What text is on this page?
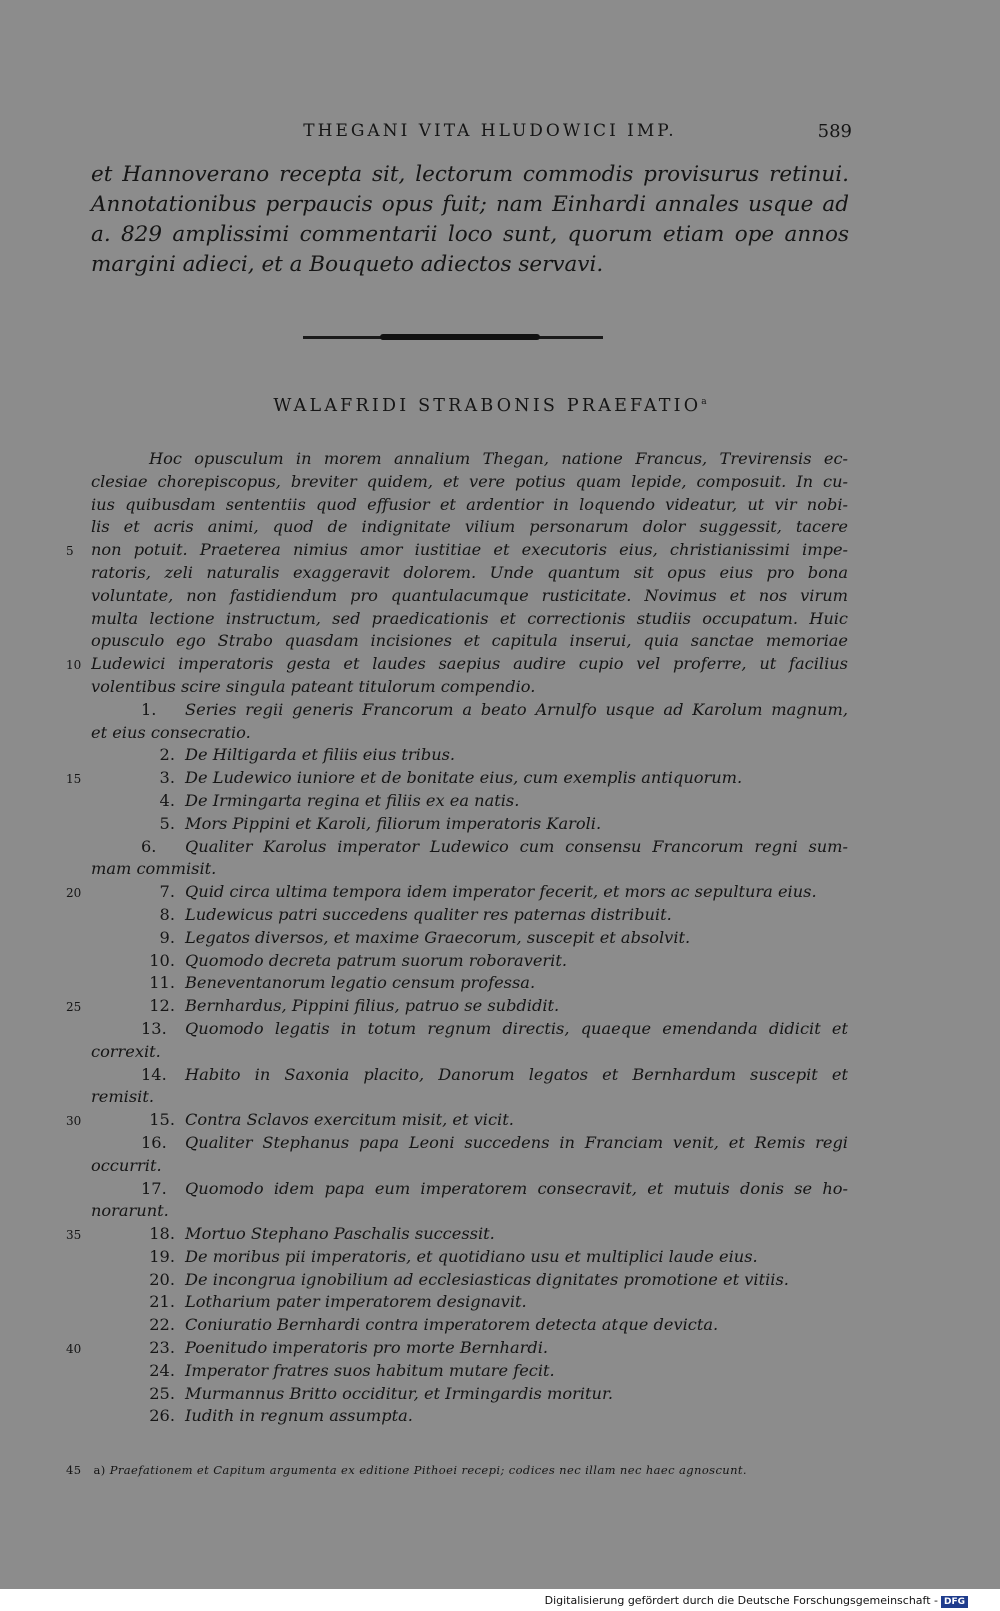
THEGANI VITA HLUDOWICI IMP.	589

et Hannoverano recepta sit, lectorum commodis provisurus retinui.

Annotationibus perpaucis opus fuit; nam Einhardi annales usque ad

a. 829 amplissimi commentarii loco sunt, quorum etiam ope annos

margini adieci, et a Bouqueto adiectos servavi.

WALAFRIDI STRABONIS PRAEFATIO$^a$
Hoc opusculum in morem annalium Thegan, natione Francus, Trevirensis ec-
clesiae chorepiscopus, breviter quidem, et vere potius quam lepide, composuit. In cu-
ius quibusdam sententiis quod effusior et ardentior in loquendo videatur, ut vir nobi-
lis et acris animi, quod de indignitate vilium personarum dolor suggessit, tacere
non potuit. Praeterea nimius amor iustitiae et executoris eius, christianissimi impe-
ratoris, zeli naturalis exaggeravit dolorem. Unde quantum sit opus eius pro bona
voluntate, non fastidiendum pro quantulacumque rusticitate. Novimus et nos virum
multa lectione instructum, sed praedicationis et correctionis studiis occupatum. Huic
opusculo ego Strabo quasdam incisiones et capitula inserui, quia sanctae memoriae
Ludewici imperatoris gesta et laudes saepius audire cupio vel proferre, ut facilius
volentibus scire singula pateant titulorum compendio.
1. Series regii generis Francorum a beato Arnulfo usque ad Karolum magnum,
et eius consecratio.
2. De Hiltigarda et filiis eius tribus.
3. De Ludewico iuniore et de bonitate eius, cum exemplis antiquorum.
4. De Irmingarta regina et filiis ex ea natis.
5. Mors Pippini et Karoli, filiorum imperatoris Karoli.
6. Qualiter Karolus imperator Ludewico cum consensu Francorum regni sum-
mam commisit.
7. Quid circa ultima tempora idem imperator fecerit, et mors ac sepultura eius.
8. Ludewicus patri succedens qualiter res paternas distribuit.
9. Legatos diversos, et maxime Graecorum, suscepit et absolvit.
10. Quomodo decreta patrum suorum roboraverit.
11. Beneventanorum legatio censum professa.
12. Bernhardus, Pippini filius, patruo se subdidit.
13. Quomodo legatis in totum regnum directis, quaeque emendanda didicit et
correxit.
14. Habito in Saxonia placito, Danorum legatos et Bernhardum suscepit et
remisit.
15. Contra Sclavos exercitum misit, et vicit.
16. Qualiter Stephanus papa Leoni succedens in Franciam venit, et Remis regi
occurrit.
17. Quomodo idem papa eum imperatorem consecravit, et mutuis donis se ho-
norarunt.
18. Mortuo Stephano Paschalis successit.
19. De moribus pii imperatoris, et quotidiano usu et multiplici laude eius.
20. De incongrua ignobilium ad ecclesiasticas dignitates promotione et vitiis.
21. Lotharium pater imperatorem designavit.
22. Coniuratio Bernhardi contra imperatorem detecta atque devicta.
23. Poenitudo imperatoris pro morte Bernhardi.
24. Imperator fratres suos habitum mutare fecit.
25. Murmannus Britto occiditur, et Irmingardis moritur.
26. Iudith in regnum assumpta.
45 a) Praefationem et Capitum argumenta ex editione Pithoei recepi; codices nec illam nec haec agnoscunt.
5
10
15
20
25
30
35
40
Digitalisierung gefördert durch die Deutsche Forschungsgemeinschaft - DFG
